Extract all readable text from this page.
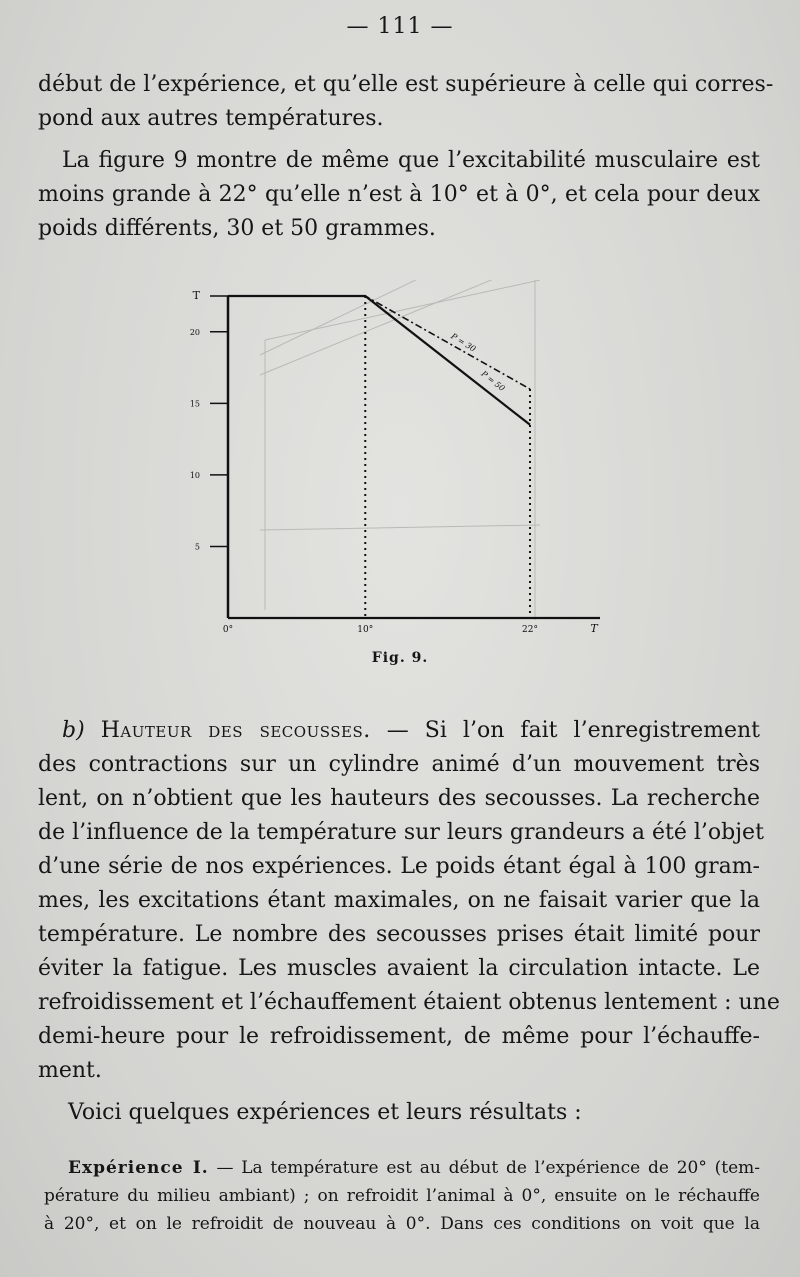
— 111 —
début de l’expérience, et qu’elle est supérieure à celle qui corres-
pond aux autres températures.
La figure 9 montre de même que l’excitabilité musculaire est
moins grande à 22° qu’elle n’est à 10° et à 0°, et cela pour deux
poids différents, 30 et 50 grammes.
P = 30
P = 50
T
20
15
10
5
0°	10°	22°	T
Fig. 9.
b) Hauteur des secousses. — Si l’on fait l’enregistrement
des contractions sur un cylindre animé d’un mouvement très
lent, on n’obtient que les hauteurs des secousses. La recherche
de l’influence de la température sur leurs grandeurs a été l’objet
d’une série de nos expériences. Le poids étant égal à 100 gram-
mes, les excitations étant maximales, on ne faisait varier que la
température. Le nombre des secousses prises était limité pour
éviter la fatigue. Les muscles avaient la circulation intacte. Le
refroidissement et l’échauffement étaient obtenus lentement : une
demi-heure pour le refroidissement, de même pour l’échauffe-
ment.
Voici quelques expériences et leurs résultats :
Expérience I. — La température est au début de l’expérience de 20° (tem-
pérature du milieu ambiant) ; on refroidit l’animal à 0°, ensuite on le réchauffe
à 20°, et on le refroidit de nouveau à 0°. Dans ces conditions on voit que la
